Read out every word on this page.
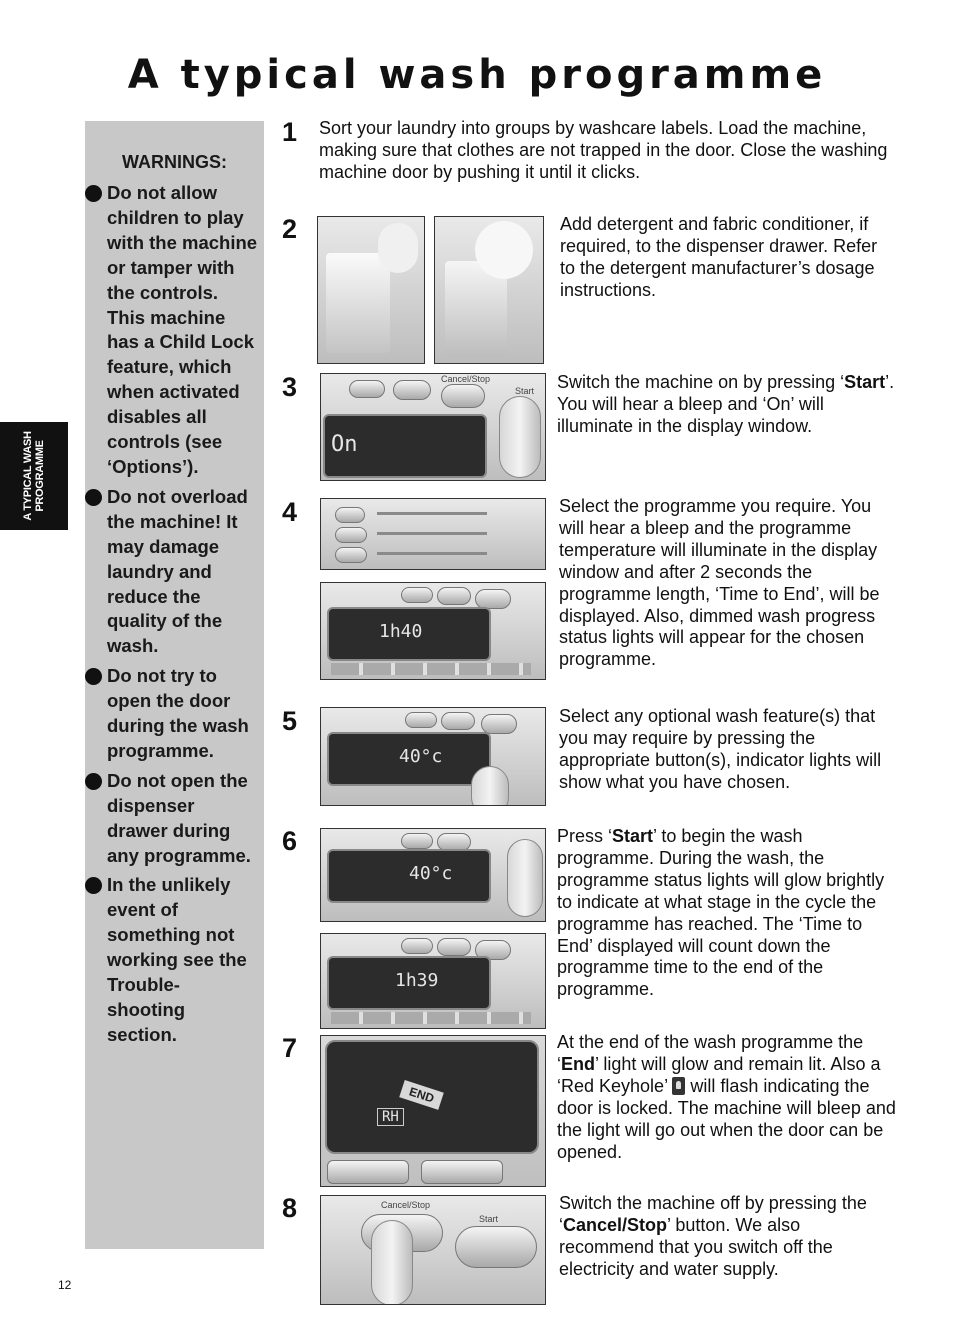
A typical wash programme
A TYPICAL WASH
PROGRAMME
WARNINGS:
Do not allow children to play with the machine or tamper with the controls. This machine has a Child Lock feature, which when activated disables all controls (see ‘Options’).
Do not overload the machine! It may damage laundry and reduce the quality of the wash.
Do not try to open the door during the wash programme.
Do not open the dispenser drawer during any programme.
In the unlikely event of something not working see the Trouble-shooting section.
1 Sort your laundry into groups by washcare labels. Load the machine, making sure that clothes are not trapped in the door. Close the washing machine door by pushing it until it clicks.

2	Add detergent and fabric conditioner, if required, to the dispenser drawer. Refer to the detergent manufacturer’s dosage instructions.

3	Cancel/Stop
Start
On

Switch the machine on by pressing ‘Start’. You will hear a bleep and ‘On’ will illuminate in the display window.

4
1h40

Select the programme you require. You will hear a bleep and the programme temperature will illuminate in the display window and after 2 seconds the programme length, ‘Time to End’, will be displayed. Also, dimmed wash progress status lights will appear for the chosen programme.

5
40°c

Select any optional wash feature(s) that you may require by pressing the appropriate button(s), indicator lights will show what you have chosen.

6
40°c
1h39

Press ‘Start’ to begin the wash programme. During the wash, the programme status lights will glow brightly to indicate at what stage in the cycle the programme has reached. The ‘Time to End’ displayed will count down the programme time to the end of the programme.

7
RH
END

At the end of the wash programme the ‘End’ light will glow and remain lit. Also a ‘Red Keyhole’  will flash indicating the door is locked. The machine will bleep and the light will go out when the door can be opened.

8	Cancel/Stop
Start

Switch the machine off by pressing the ‘Cancel/Stop’ button. We also recommend that you switch off the electricity and water supply.

12
